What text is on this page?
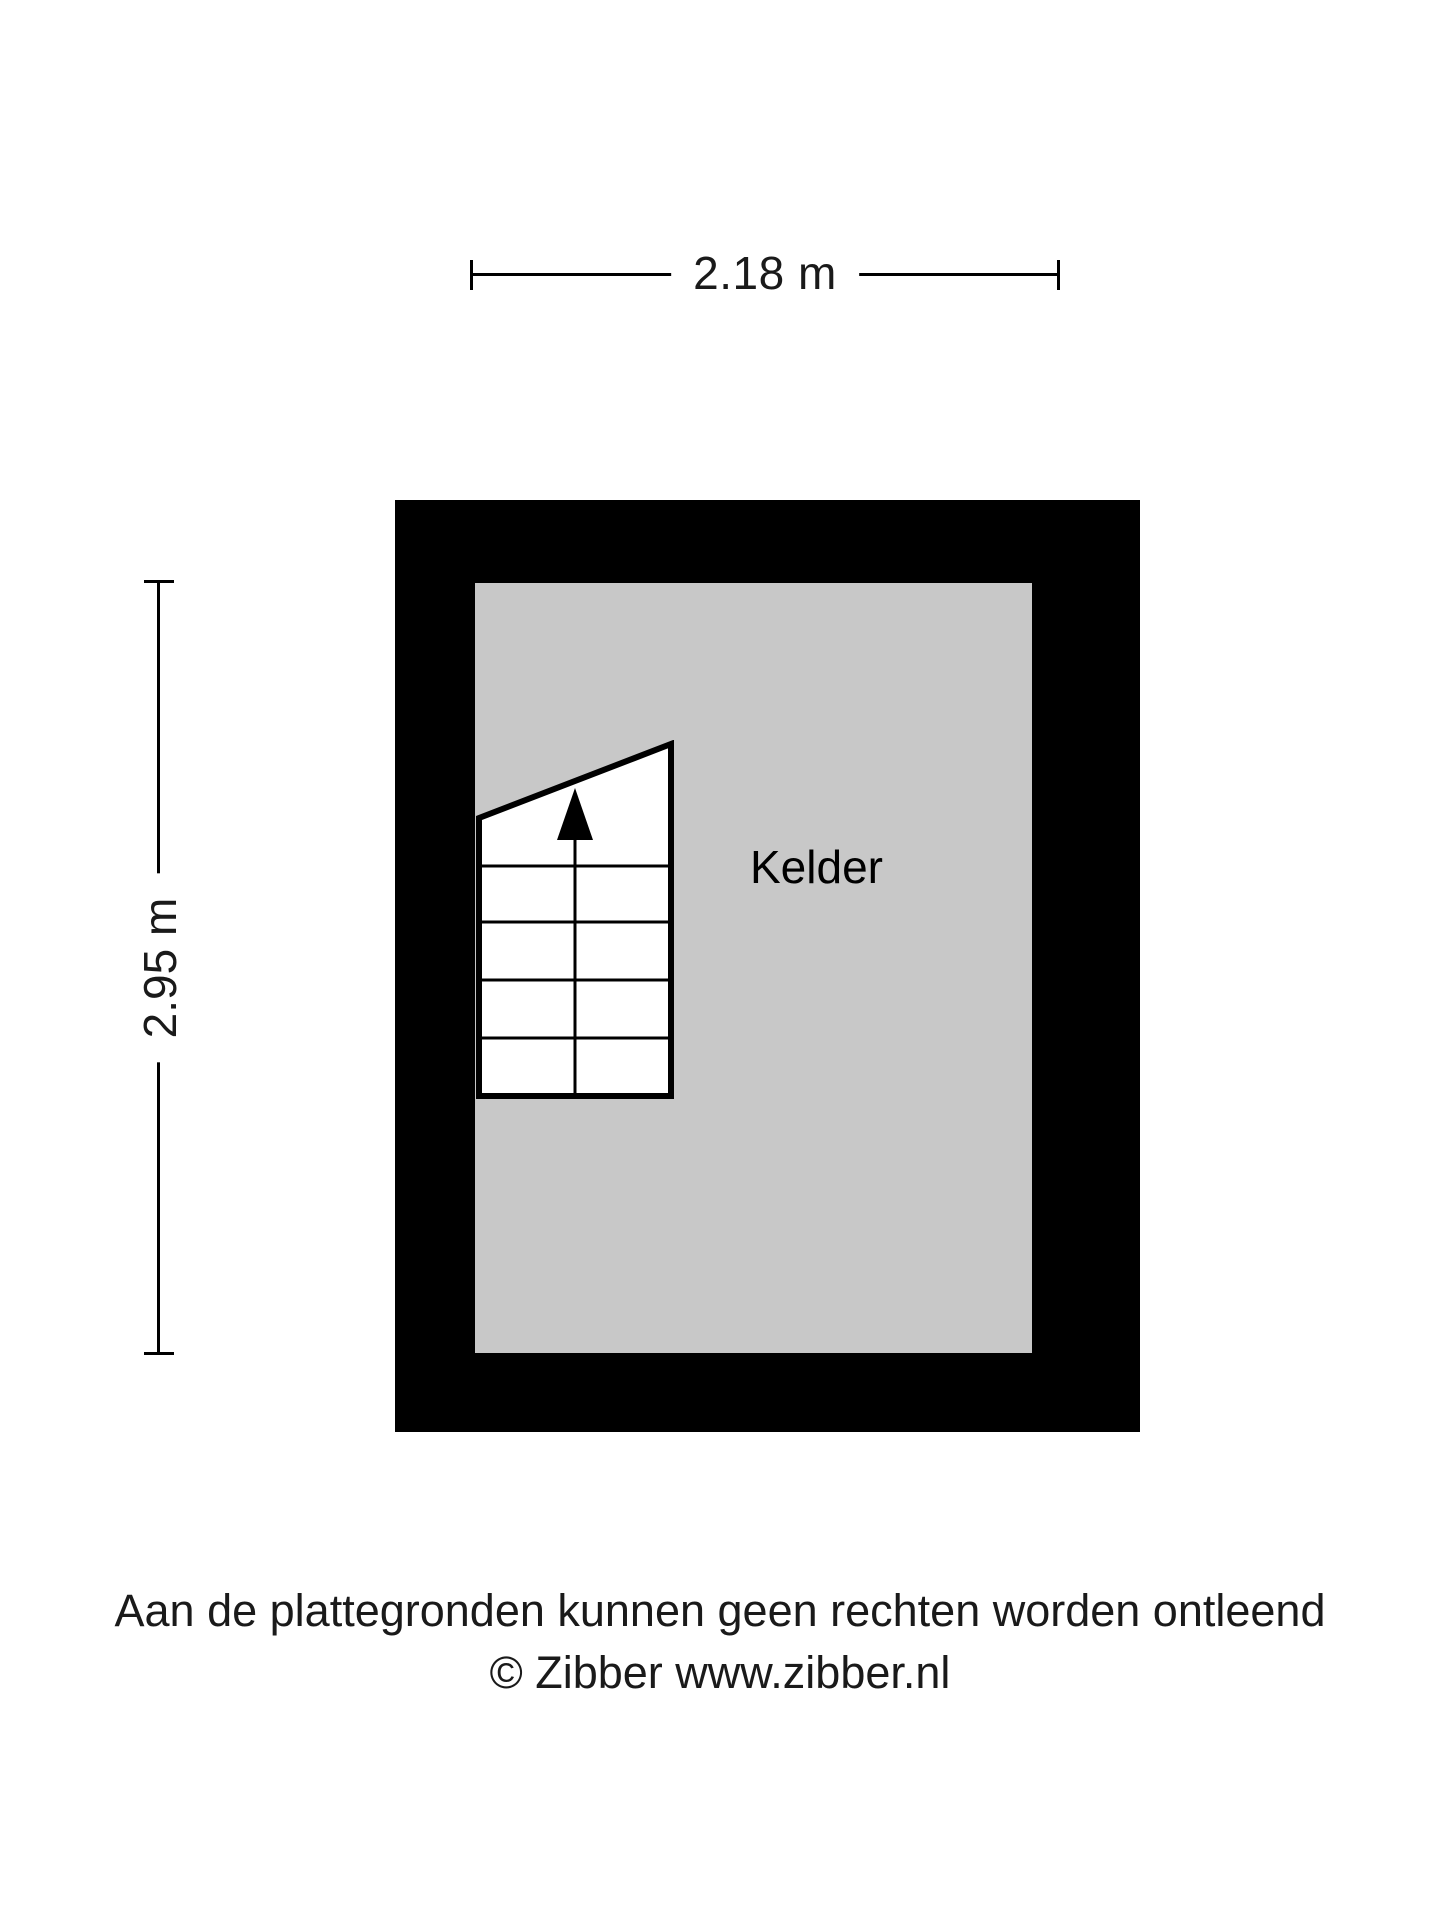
2.18 m
2.95 m
Kelder
Aan de plattegronden kunnen geen rechten worden ontleend
© Zibber www.zibber.nl
